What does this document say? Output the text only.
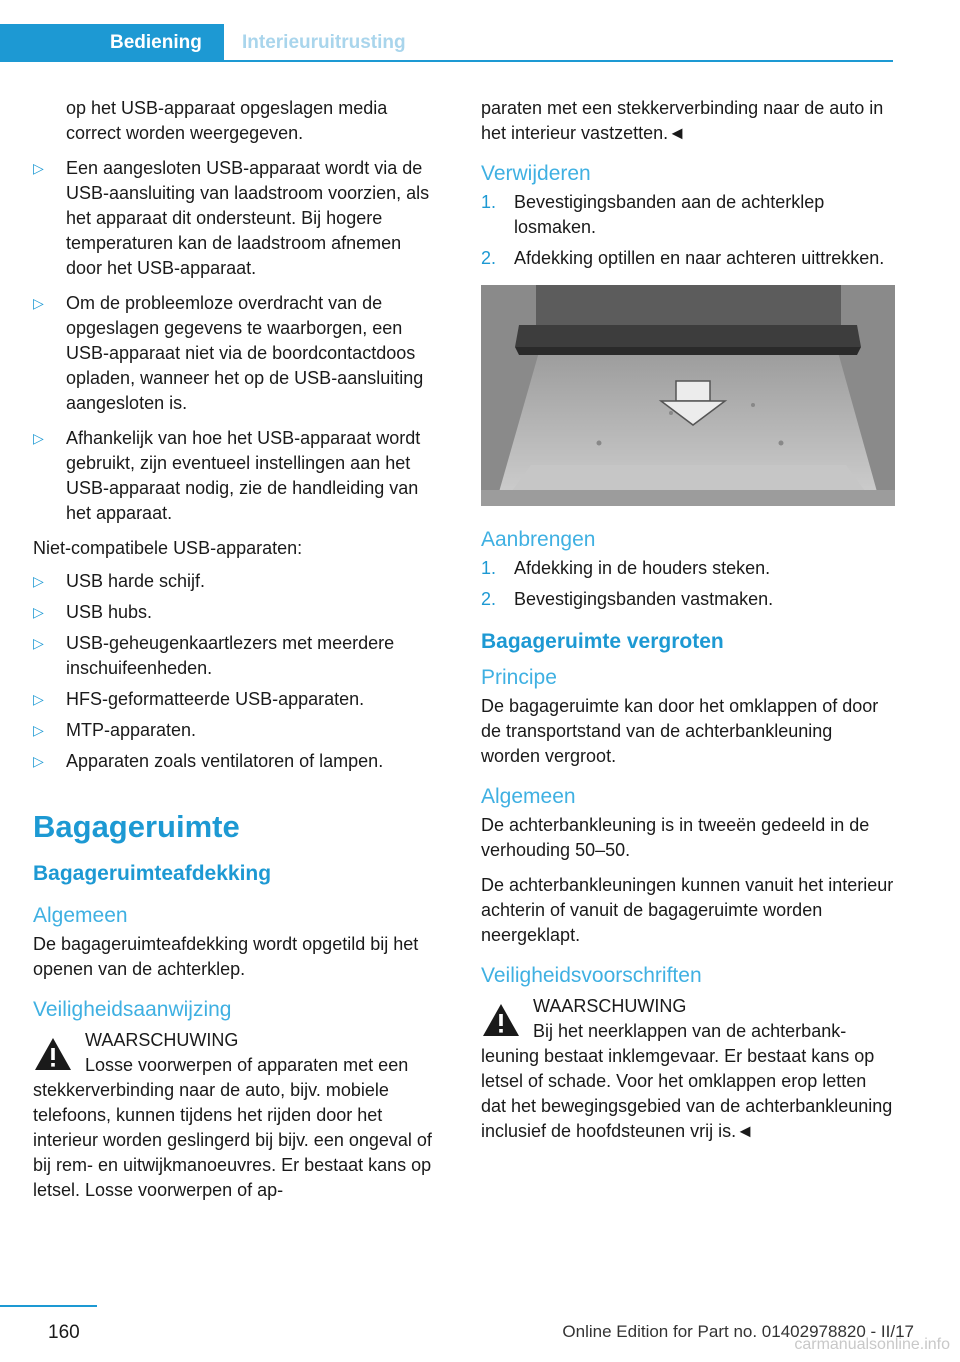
Bediening	Interieuruitrusting

op het USB-apparaat opgeslagen media correct worden weergegeven.

▷ Een aangesloten USB-apparaat wordt via de USB-aansluiting van laadstroom voorzien, als het apparaat dit ondersteunt. Bij hogere temperaturen kan de laadstroom afnemen door het USB-apparaat.
▷ Om de probleemloze overdracht van de opgeslagen gegevens te waarborgen, een USB-apparaat niet via de boordcontactdoos opladen, wanneer het op de USB-aansluiting aangesloten is.
▷ Afhankelijk van hoe het USB-apparaat wordt gebruikt, zijn eventueel instellingen aan het USB-apparaat nodig, zie de handleiding van het apparaat.

Niet-compatibele USB-apparaten:

▷ USB harde schijf.
▷ USB hubs.
▷ USB-geheugenkaartlezers met meerdere inschuifeenheden.
▷ HFS-geformatteerde USB-apparaten.
▷ MTP-apparaten.
▷ Apparaten zoals ventilatoren of lampen.
Bagageruimte
Bagageruimteafdekking
Algemeen

De bagageruimteafdekking wordt opgetild bij het openen van de achterklep.

Veiligheidsaanwijzing
WAARSCHUWING
Losse voorwerpen of apparaten met een
stekkerverbinding naar de auto, bijv. mobiele telefoons, kunnen tijdens het rijden door het interieur worden geslingerd bij bijv. een ongeval of bij rem- en uitwijkmanoeuvres. Er bestaat kans op letsel. Losse voorwerpen of ap-

paraten met een stekkerverbinding naar de auto in het interieur vastzetten.◄

Verwijderen
1. Bevestigingsbanden aan de achterklep losmaken.
2. Afdekking optillen en naar achteren uittrekken.
Aanbrengen
1. Afdekking in de houders steken.
2. Bevestigingsbanden vastmaken.
Bagageruimte vergroten
Principe

De bagageruimte kan door het omklappen of door de transportstand van de achterbankleuning worden vergroot.

Algemeen

De achterbankleuning is in tweeën gedeeld in de verhouding 50–50.

De achterbankleuningen kunnen vanuit het interieur achterin of vanuit de bagageruimte worden neergeklapt.

Veiligheidsvoorschriften
WAARSCHUWING
Bij het neerklappen van de achterbank-
leuning bestaat inklemgevaar. Er bestaat kans op letsel of schade. Voor het omklappen erop letten dat het bewegingsgebied van de achterbankleuning inclusief de hoofdsteunen vrij is.◄
160	Online Edition for Part no. 01402978820 - II/17
carmanualsonline.info
